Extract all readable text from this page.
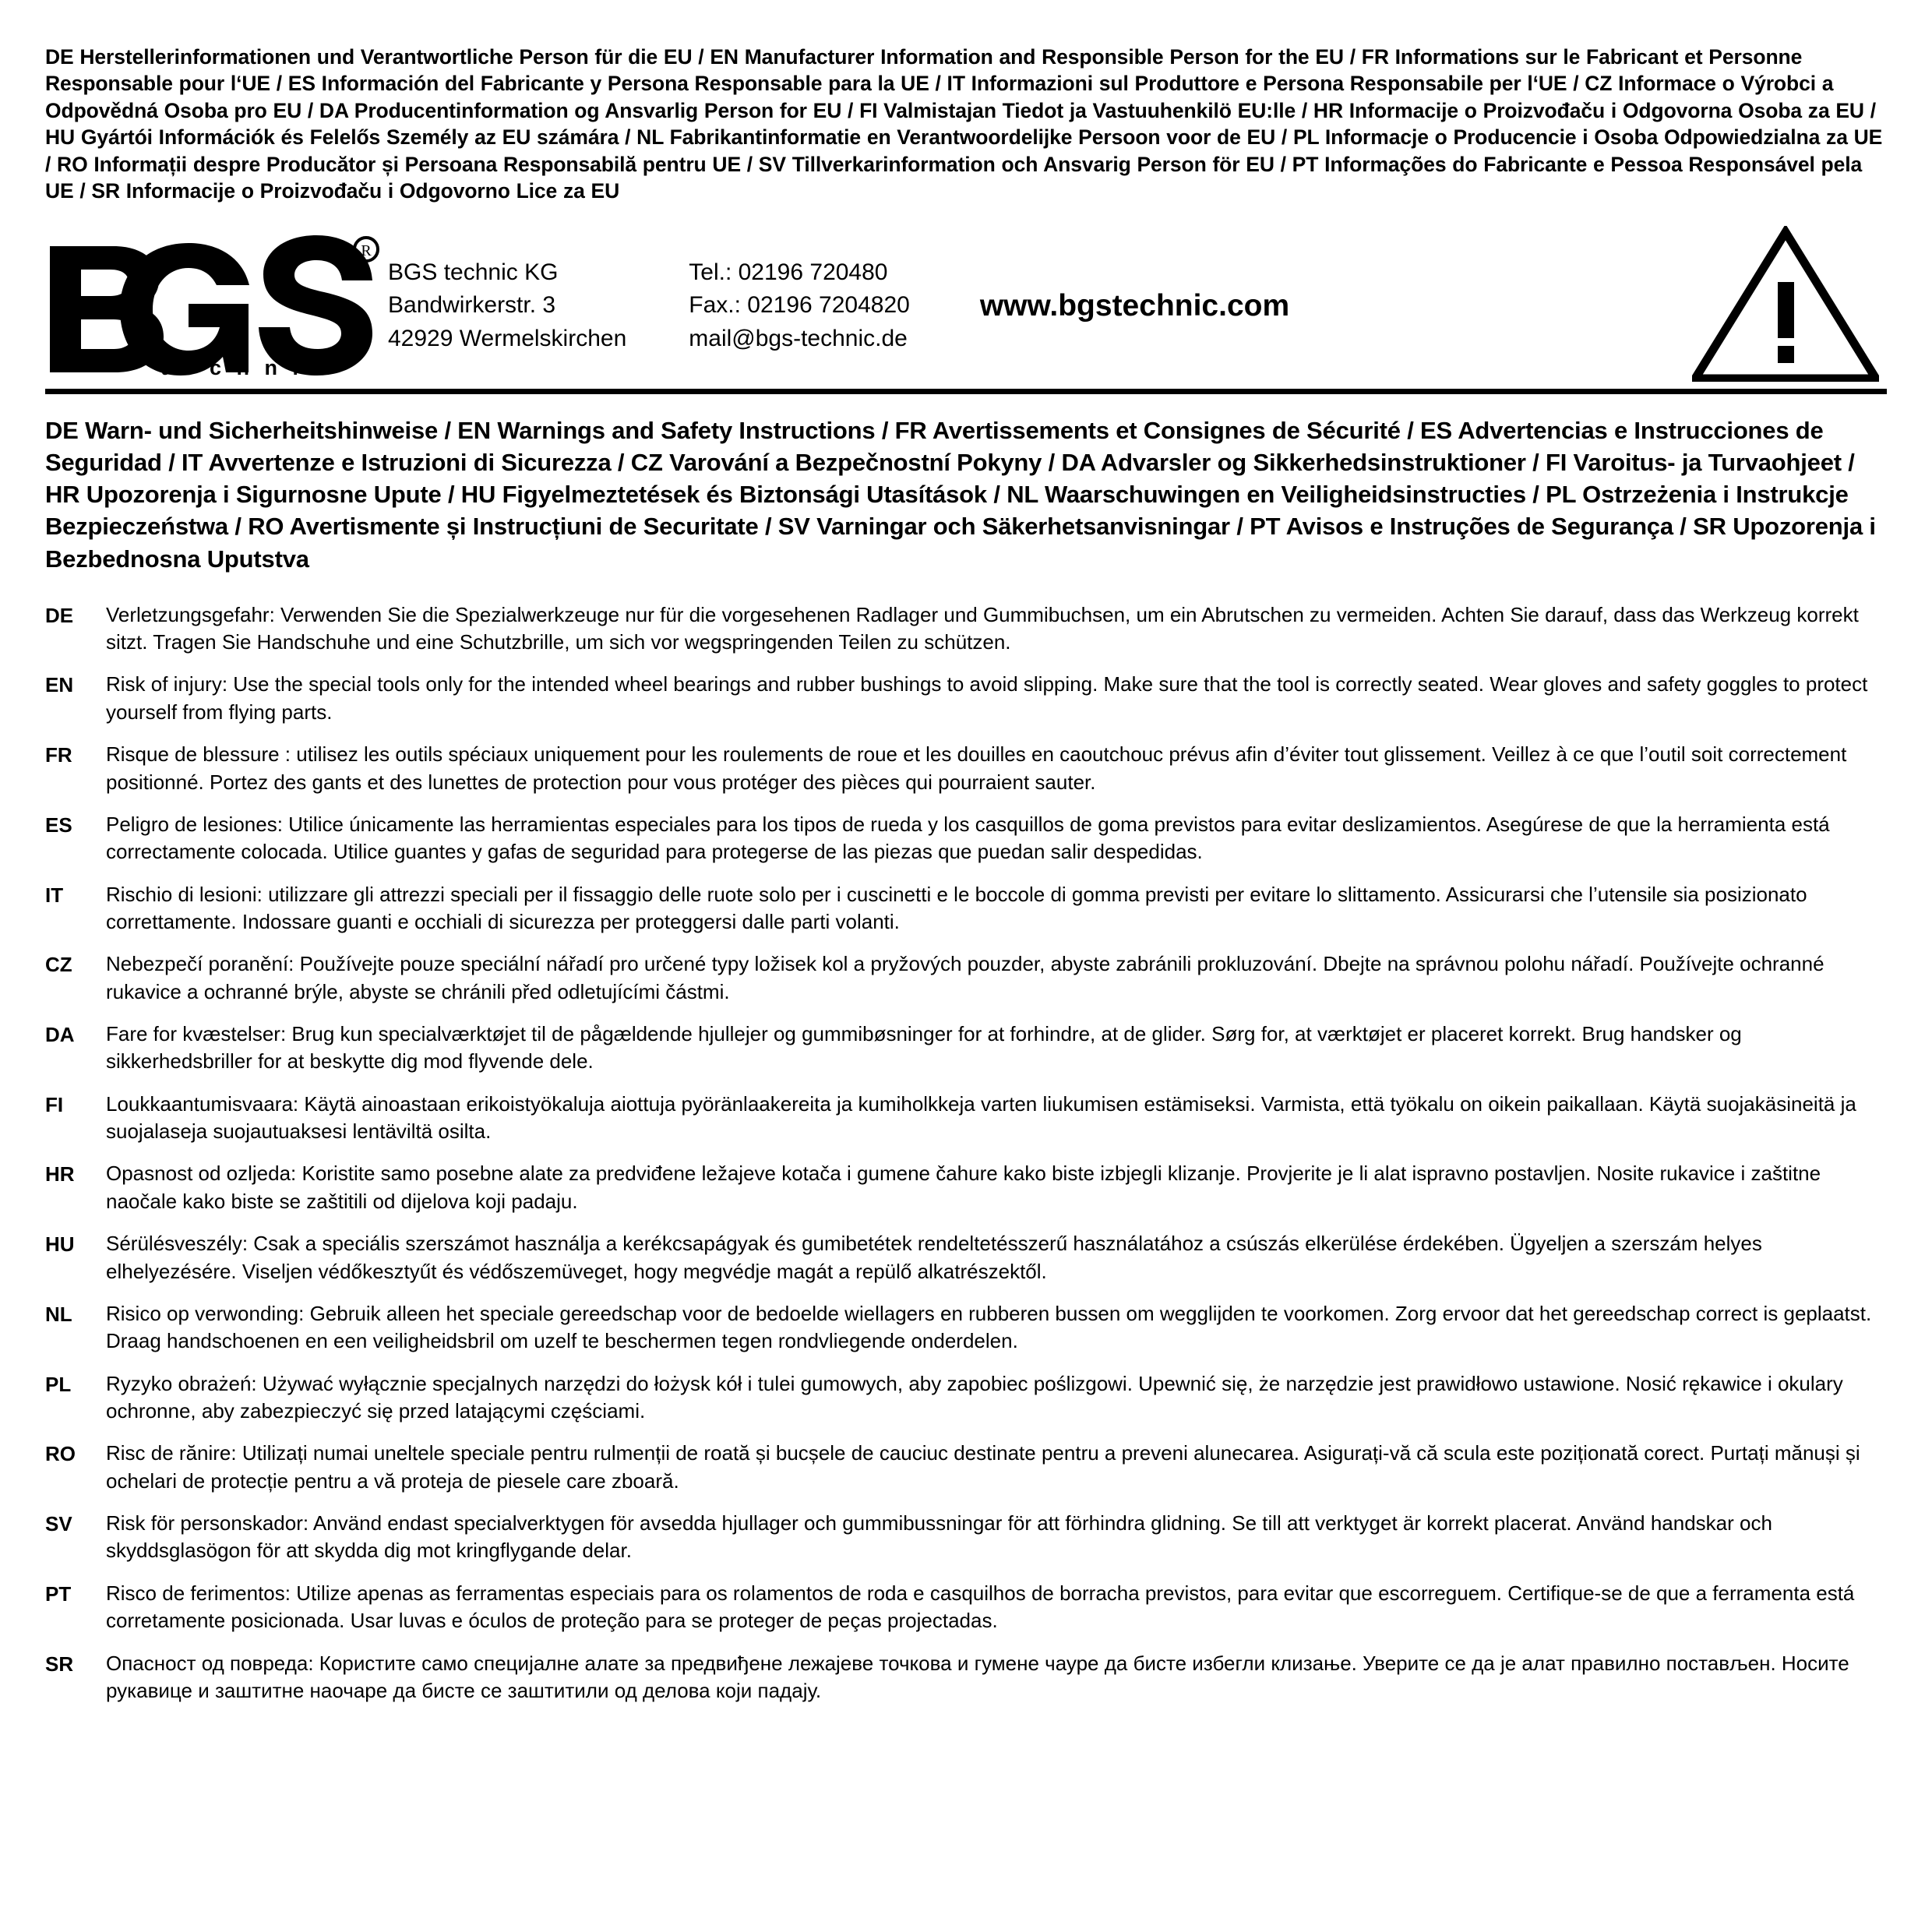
DE Herstellerinformationen und Verantwortliche Person für die EU / EN Manufacturer Information and Responsible Person for the EU / FR Informations sur le Fabricant et Personne Responsable pour l‘UE / ES Información del Fabricante y Persona Responsable para la UE / IT Informazioni sul Produttore e Persona Responsabile per l‘UE / CZ Informace o Výrobci a Odpovědná Osoba pro EU / DA Producentinformation og Ansvarlig Person for EU / FI Valmistajan Tiedot ja Vastuuhenkilö EU:lle / HR Informacije o Proizvođaču i Odgovorna Osoba za EU / HU Gyártói Információk és Felelős Személy az EU számára / NL Fabrikantinformatie en Verantwoordelijke Persoon voor de EU / PL Informacje o Producencie i Osoba Odpowiedzialna za UE / RO Informații despre Producător și Persoana Responsabilă pentru UE / SV Tillverkarinformation och Ansvarig Person för EU / PT Informações do Fabricante e Pessoa Responsável pela UE / SR Informacije o Proizvođaču i Odgovorno Lice za EU
R
t e c h n i c
BGS technic KG
Bandwirkerstr. 3
42929 Wermelskirchen
Tel.: 02196 720480
Fax.: 02196 7204820
mail@bgs-technic.de
www.bgstechnic.com
DE Warn- und Sicherheitshinweise / EN Warnings and Safety Instructions / FR Avertissements et Consignes de Sécurité / ES Advertencias e Instrucciones de Seguridad / IT Avvertenze e Istruzioni di Sicurezza / CZ Varování a Bezpečnostní Pokyny / DA Advarsler og Sikkerhedsinstruktioner / FI Varoitus- ja Turvaohjeet / HR Upozorenja i Sigurnosne Upute / HU Figyelmeztetések és Biztonsági Utasítások / NL Waarschuwingen en Veiligheidsinstructies / PL Ostrzeżenia i Instrukcje Bezpieczeństwa / RO Avertismente și Instrucțiuni de Securitate / SV Varningar och Säkerhetsanvisningar / PT Avisos e Instruções de Segurança / SR Upozorenja i Bezbednosna Uputstva
DE	Verletzungsgefahr: Verwenden Sie die Spezialwerkzeuge nur für die vorgesehenen Radlager und Gummibuchsen, um ein Abrutschen zu vermeiden. Achten Sie darauf, dass das Werkzeug korrekt sitzt. Tragen Sie Handschuhe und eine Schutzbrille, um sich vor wegspringenden Teilen zu schützen.
EN	Risk of injury: Use the special tools only for the intended wheel bearings and rubber bushings to avoid slipping. Make sure that the tool is correctly seated. Wear gloves and safety goggles to protect yourself from flying parts.
FR	Risque de blessure : utilisez les outils spéciaux uniquement pour les roulements de roue et les douilles en caoutchouc prévus afin d’éviter tout glissement. Veillez à ce que l’outil soit correctement positionné. Portez des gants et des lunettes de protection pour vous protéger des pièces qui pourraient sauter.
ES	Peligro de lesiones: Utilice únicamente las herramientas especiales para los tipos de rueda y los casquillos de goma previstos para evitar deslizamientos. Asegúrese de que la herramienta está correctamente colocada. Utilice guantes y gafas de seguridad para protegerse de las piezas que puedan salir despedidas.
IT	Rischio di lesioni: utilizzare gli attrezzi speciali per il fissaggio delle ruote solo per i cuscinetti e le boccole di gomma previsti per evitare lo slittamento. Assicurarsi che l’utensile sia posizionato correttamente. Indossare guanti e occhiali di sicurezza per proteggersi dalle parti volanti.
CZ	Nebezpečí poranění: Používejte pouze speciální nářadí pro určené typy ložisek kol a pryžových pouzder, abyste zabránili prokluzování. Dbejte na správnou polohu nářadí. Používejte ochranné rukavice a ochranné brýle, abyste se chránili před odletujícími částmi.
DA	Fare for kvæstelser: Brug kun specialværktøjet til de pågældende hjullejer og gummibøsninger for at forhindre, at de glider. Sørg for, at værktøjet er placeret korrekt. Brug handsker og sikkerhedsbriller for at beskytte dig mod flyvende dele.
FI	Loukkaantumisvaara: Käytä ainoastaan erikoistyökaluja aiottuja pyöränlaakereita ja kumiholkkeja varten liukumisen estämiseksi. Varmista, että työkalu on oikein paikallaan. Käytä suojakäsineitä ja suojalaseja suojautuaksesi lentäviltä osilta.
HR	Opasnost od ozljeda: Koristite samo posebne alate za predviđene ležajeve kotača i gumene čahure kako biste izbjegli klizanje. Provjerite je li alat ispravno postavljen. Nosite rukavice i zaštitne naočale kako biste se zaštitili od dijelova koji padaju.
HU	Sérülésveszély: Csak a speciális szerszámot használja a kerékcsapágyak és gumibetétek rendeltetésszerű használatához a csúszás elkerülése érdekében. Ügyeljen a szerszám helyes elhelyezésére. Viseljen védőkesztyűt és védőszemüveget, hogy megvédje magát a repülő alkatrészektől.
NL	Risico op verwonding: Gebruik alleen het speciale gereedschap voor de bedoelde wiellagers en rubberen bussen om wegglijden te voorkomen. Zorg ervoor dat het gereedschap correct is geplaatst. Draag handschoenen en een veiligheidsbril om uzelf te beschermen tegen rondvliegende onderdelen.
PL	Ryzyko obrażeń: Używać wyłącznie specjalnych narzędzi do łożysk kół i tulei gumowych, aby zapobiec poślizgowi. Upewnić się, że narzędzie jest prawidłowo ustawione. Nosić rękawice i okulary ochronne, aby zabezpieczyć się przed latającymi częściami.
RO	Risc de rănire: Utilizați numai uneltele speciale pentru rulmenții de roată și bucșele de cauciuc destinate pentru a preveni alunecarea. Asigurați-vă că scula este poziționată corect. Purtați mănuși și ochelari de protecție pentru a vă proteja de piesele care zboară.
SV	Risk för personskador: Använd endast specialverktygen för avsedda hjullager och gummibussningar för att förhindra glidning. Se till att verktyget är korrekt placerat. Använd handskar och skyddsglasögon för att skydda dig mot kringflygande delar.
PT	Risco de ferimentos: Utilize apenas as ferramentas especiais para os rolamentos de roda e casquilhos de borracha previstos, para evitar que escorreguem. Certifique-se de que a ferramenta está corretamente posicionada. Usar luvas e óculos de proteção para se proteger de peças projectadas.
SR	Опасност од повреда: Користите само специјалне алате за предвиђене лежајеве точкова и гумене чауре да бисте избегли клизање. Уверите се да је алат правилно постављен. Носите рукавице и заштитне наочаре да бисте се заштитили од делова који падају.
